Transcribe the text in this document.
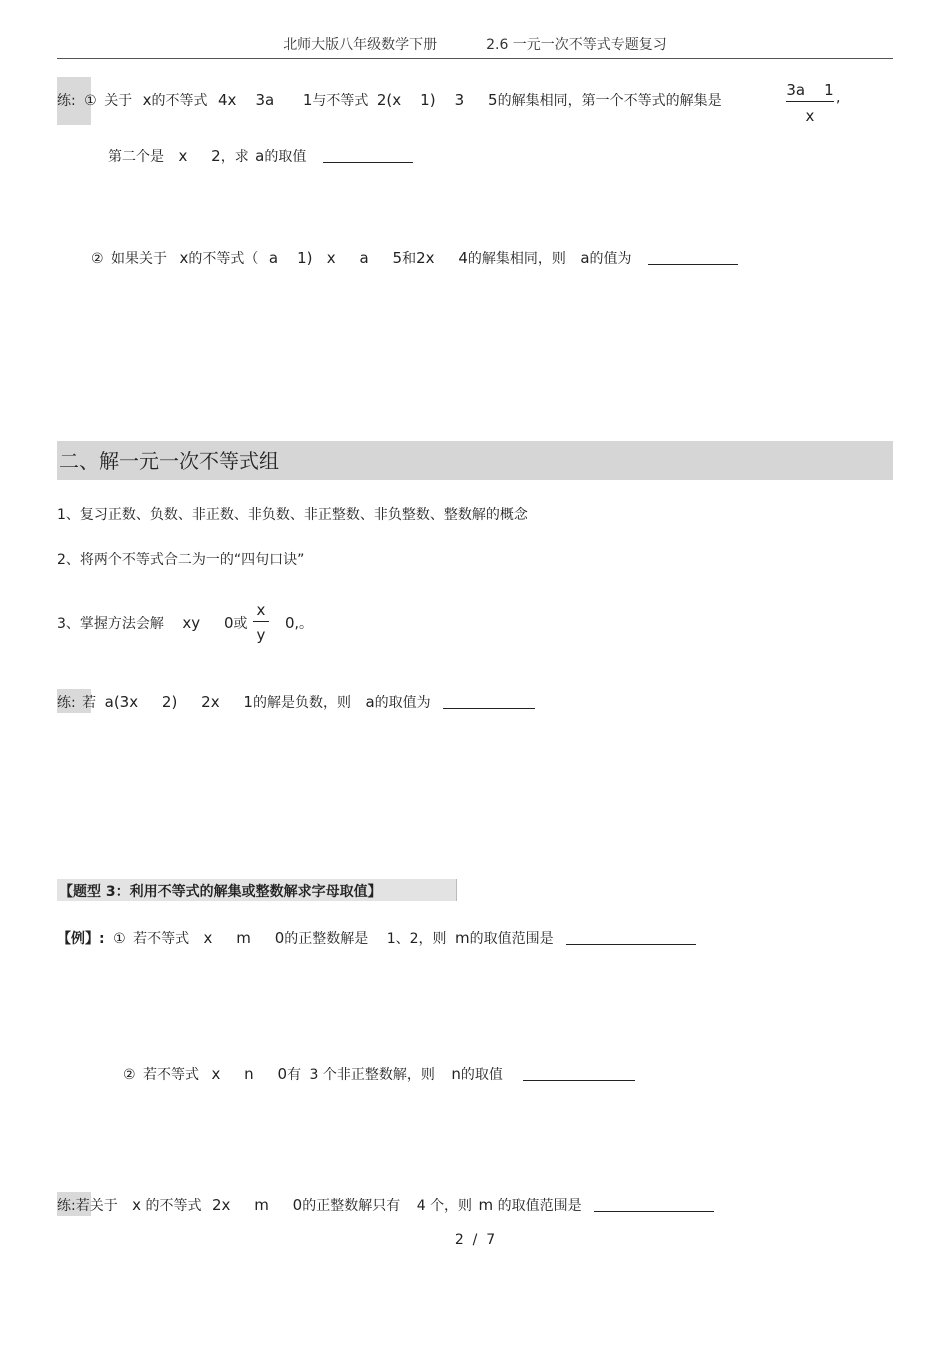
北师大版八年级数学下册	2.6 一元一次不等式专题复习
练: ① 关于 x的不等式 4x    3a      1与不等式 2(x    1)    3     5的解集相同，第一个不等式的解集是
3a    1
x
,
第二个是 x     2，求 a的取值
② 如果关于 x的不等式（ a    1)   x     a     5和2x     4的解集相同，则 a的值为
二、解一元一次不等式组
1、复习正数、负数、非正数、非负数、非正整数、非负整数、整数解的概念
2、将两个不等式合二为一的“四句口诀”
3、掌握方法会解 xy     0或
x
y
0,。
练: 若 a(3x     2)     2x     1的解是负数，则 a的取值为
【题型 3：利用不等式的解集或整数解求字母取值】
【例】: ① 若不等式 x     m     0的正整数解是 1、2，则 m的取值范围是
② 若不等式 x     n     0有 3 个非正整数解，则 n的取值
练:若关于 x 的不等式 2x     m     0的正整数解只有 4 个，则 m 的取值范围是
2  /  7
